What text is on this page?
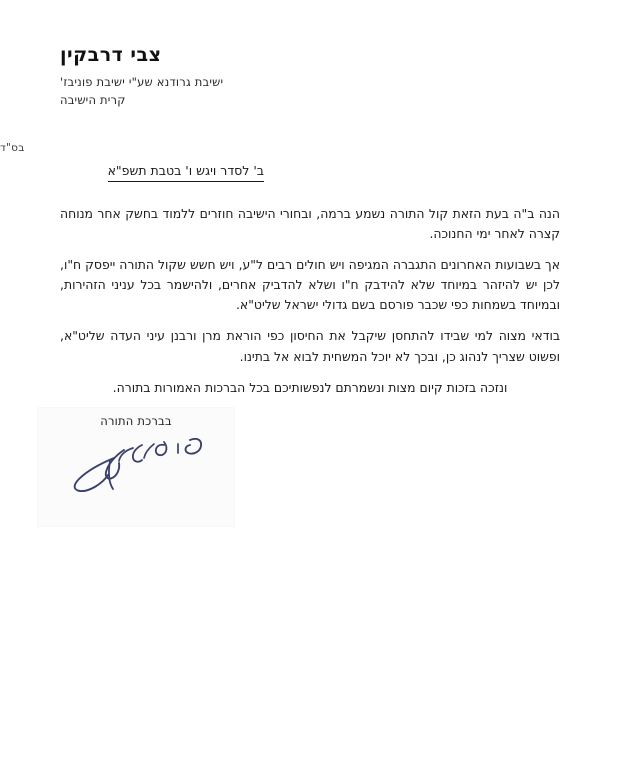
צבי דרבקין
ישיבת גרודנא שע"י ישיבת פוניבז'
קרית הישיבה
בס"ד
ב' לסדר ויגש ו' בטבת תשפ"א

הנה ב"ה בעת הזאת קול התורה נשמע ברמה, ובחורי הישיבה חוזרים ללמוד בחשק אחר מנוחה קצרה לאחר ימי החנוכה.

אך בשבועות האחרונים התגברה המגיפה ויש חולים רבים ל"ע, ויש חשש שקול התורה ייפסק ח"ו, לכן יש להיזהר במיוחד שלא להידבק ח"ו ושלא להדביק אחרים, ולהישמר בכל עניני הזהירות, ובמיוחד בשמחות כפי שכבר פורסם בשם גדולי ישראל שליט"א.

בודאי מצוה למי שבידו להתחסן שיקבל את החיסון כפי הוראת מרן ורבנן עיני העדה שליט"א, ופשוט שצריך לנהוג כן, ובכך לא יוכל המשחית לבוא אל בתינו.

ונזכה בזכות קיום מצות ונשמרתם לנפשותיכם בכל הברכות האמורות בתורה.

בברכת התורה
